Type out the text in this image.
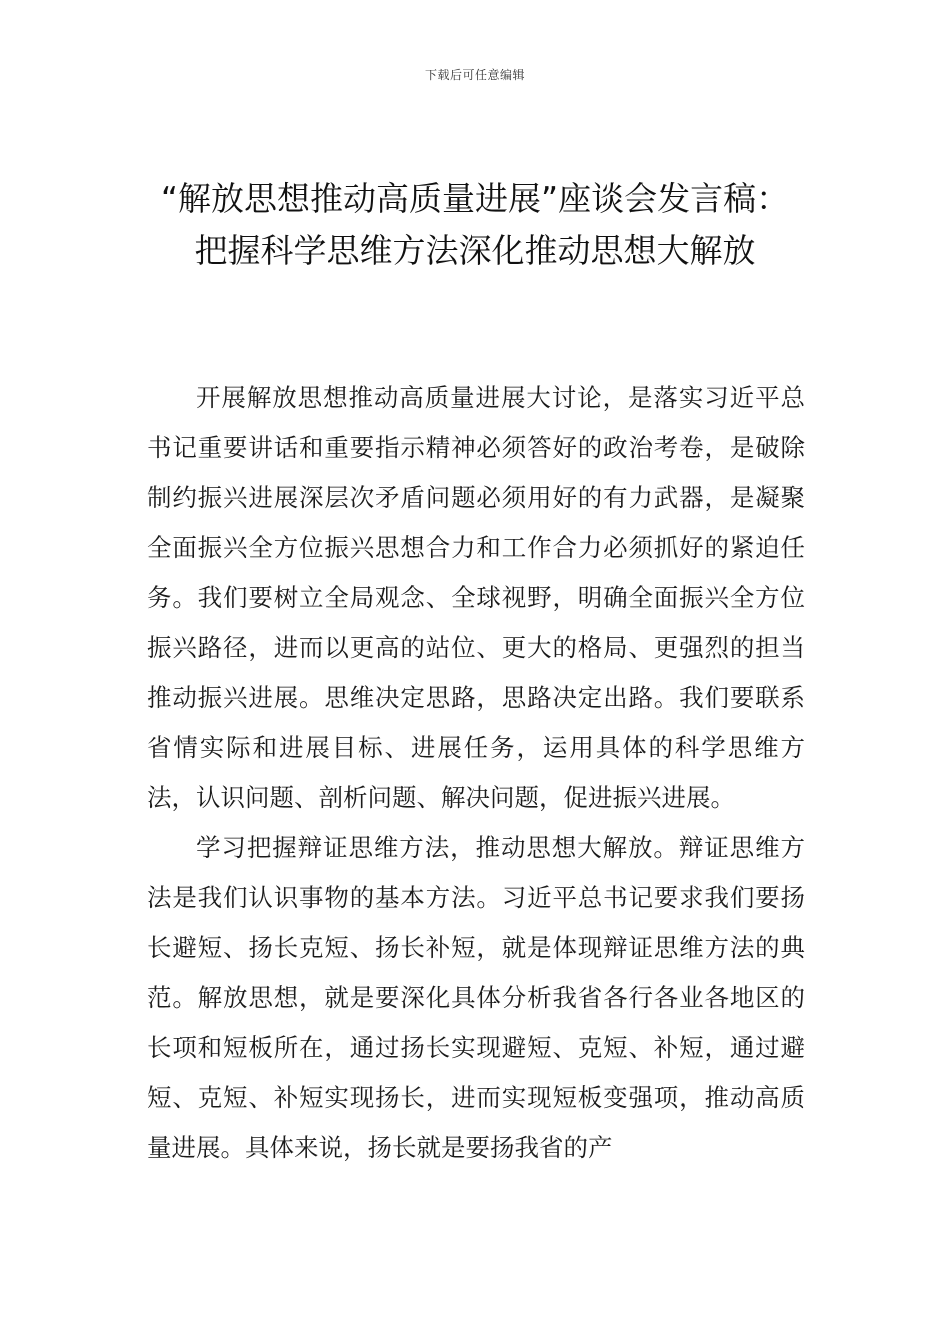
下载后可任意编辑
“解放思想推动高质量进展”座谈会发言稿：把握科学思维方法深化推动思想大解放

开展解放思想推动高质量进展大讨论，是落实习近平总书记重要讲话和重要指示精神必须答好的政治考卷，是破除制约振兴进展深层次矛盾问题必须用好的有力武器，是凝聚全面振兴全方位振兴思想合力和工作合力必须抓好的紧迫任务。我们要树立全局观念、全球视野，明确全面振兴全方位振兴路径，进而以更高的站位、更大的格局、更强烈的担当推动振兴进展。思维决定思路，思路决定出路。我们要联系省情实际和进展目标、进展任务，运用具体的科学思维方法，认识问题、剖析问题、解决问题，促进振兴进展。

学习把握辩证思维方法，推动思想大解放。辩证思维方法是我们认识事物的基本方法。习近平总书记要求我们要扬长避短、扬长克短、扬长补短，就是体现辩证思维方法的典范。解放思想，就是要深化具体分析我省各行各业各地区的长项和短板所在，通过扬长实现避短、克短、补短，通过避短、克短、补短实现扬长，进而实现短板变强项，推动高质量进展。具体来说，扬长就是要扬我省的产
